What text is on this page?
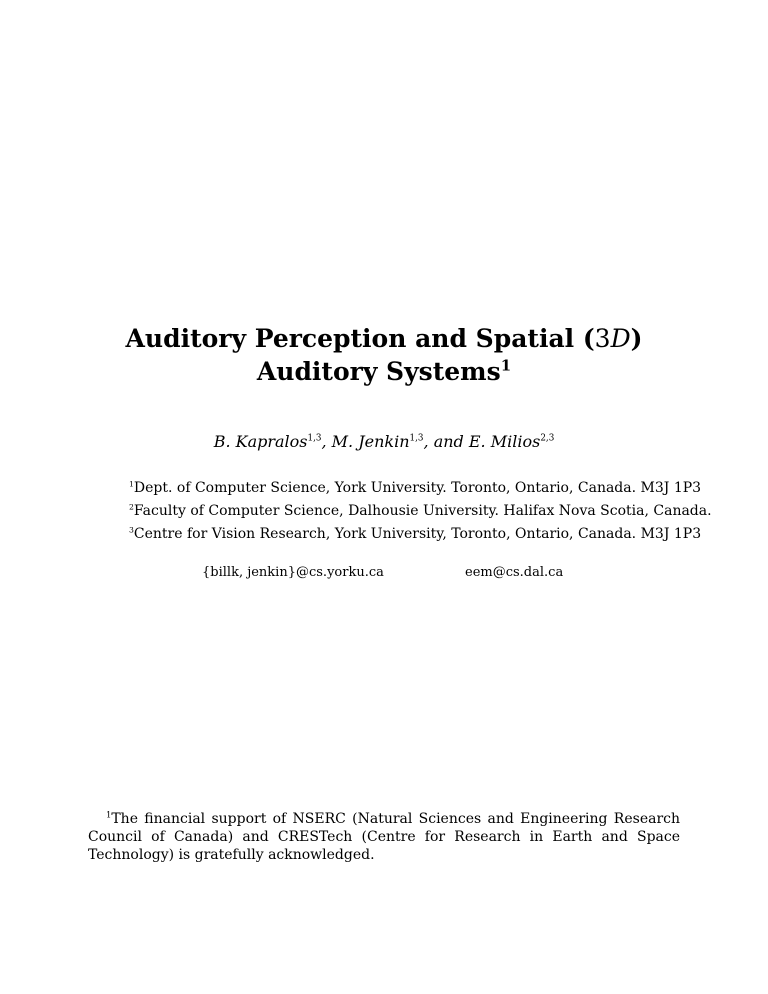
Auditory Perception and Spatial (3D)
Auditory Systems$^1$
B. Kapralos$^{1,3}$, M. Jenkin$^{1,3}$, and E. Milios$^{2,3}$
$^1$Dept. of Computer Science, York University. Toronto, Ontario, Canada. M3J 1P3
$^2$Faculty of Computer Science, Dalhousie University. Halifax Nova Scotia, Canada.
$^3$Centre for Vision Research, York University, Toronto, Ontario, Canada. M3J 1P3
{billk, jenkin}@cs.yorku.ca	eem@cs.dal.ca
$^1$The financial support of NSERC (Natural Sciences and Engineering Research Council of Canada) and CRESTech (Centre for Research in Earth and Space Technology) is gratefully acknowledged.
